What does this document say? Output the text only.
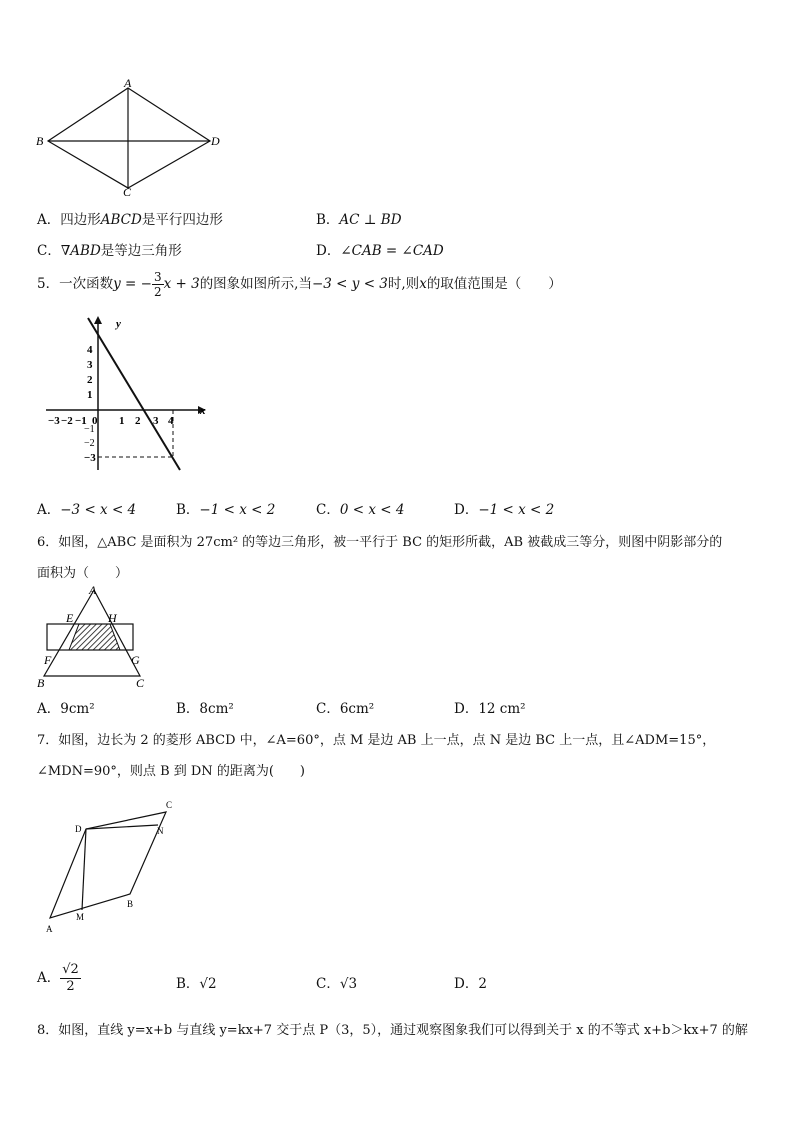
A
B
C
D
A．四边形ABCD是平行四边形	B．AC ⊥ BD
C．∇ABD是等边三角形	D．∠CAB = ∠CAD
5．一次函数y = − $\frac{3}{2}$ x + 3的图象如图所示,当−3 < y < 3时,则x的取值范围是（　　）
x
y
−3 −2 −1 0 1 2 3 4
4
3
2
1
−1
−2
−3
A．−3 < x < 4	B．−1 < x < 2	C．0 < x < 4	D．−1 < x < 2
6．如图，△ABC 是面积为 27cm² 的等边三角形，被一平行于 BC 的矩形所截，AB 被截成三等分，则图中阴影部分的
面积为（　　）
A
E	H
F	G
B	C
A．9cm²	B．8cm²	C．6cm²	D．12 cm²
7．如图，边长为 2 的菱形 ABCD 中，∠A=60°，点 M 是边 AB 上一点，点 N 是边 BC 上一点，且∠ADM=15°，
∠MDN=90°，则点 B 到 DN 的距离为(　　)
A
M
B
D
C
N
A． $\frac{√2}{2}$	B．√2	C．√3	D．2
8．如图，直线 y=x+b 与直线 y=kx+7 交于点 P（3，5），通过观察图象我们可以得到关于 x 的不等式 x+b＞kx+7 的解
